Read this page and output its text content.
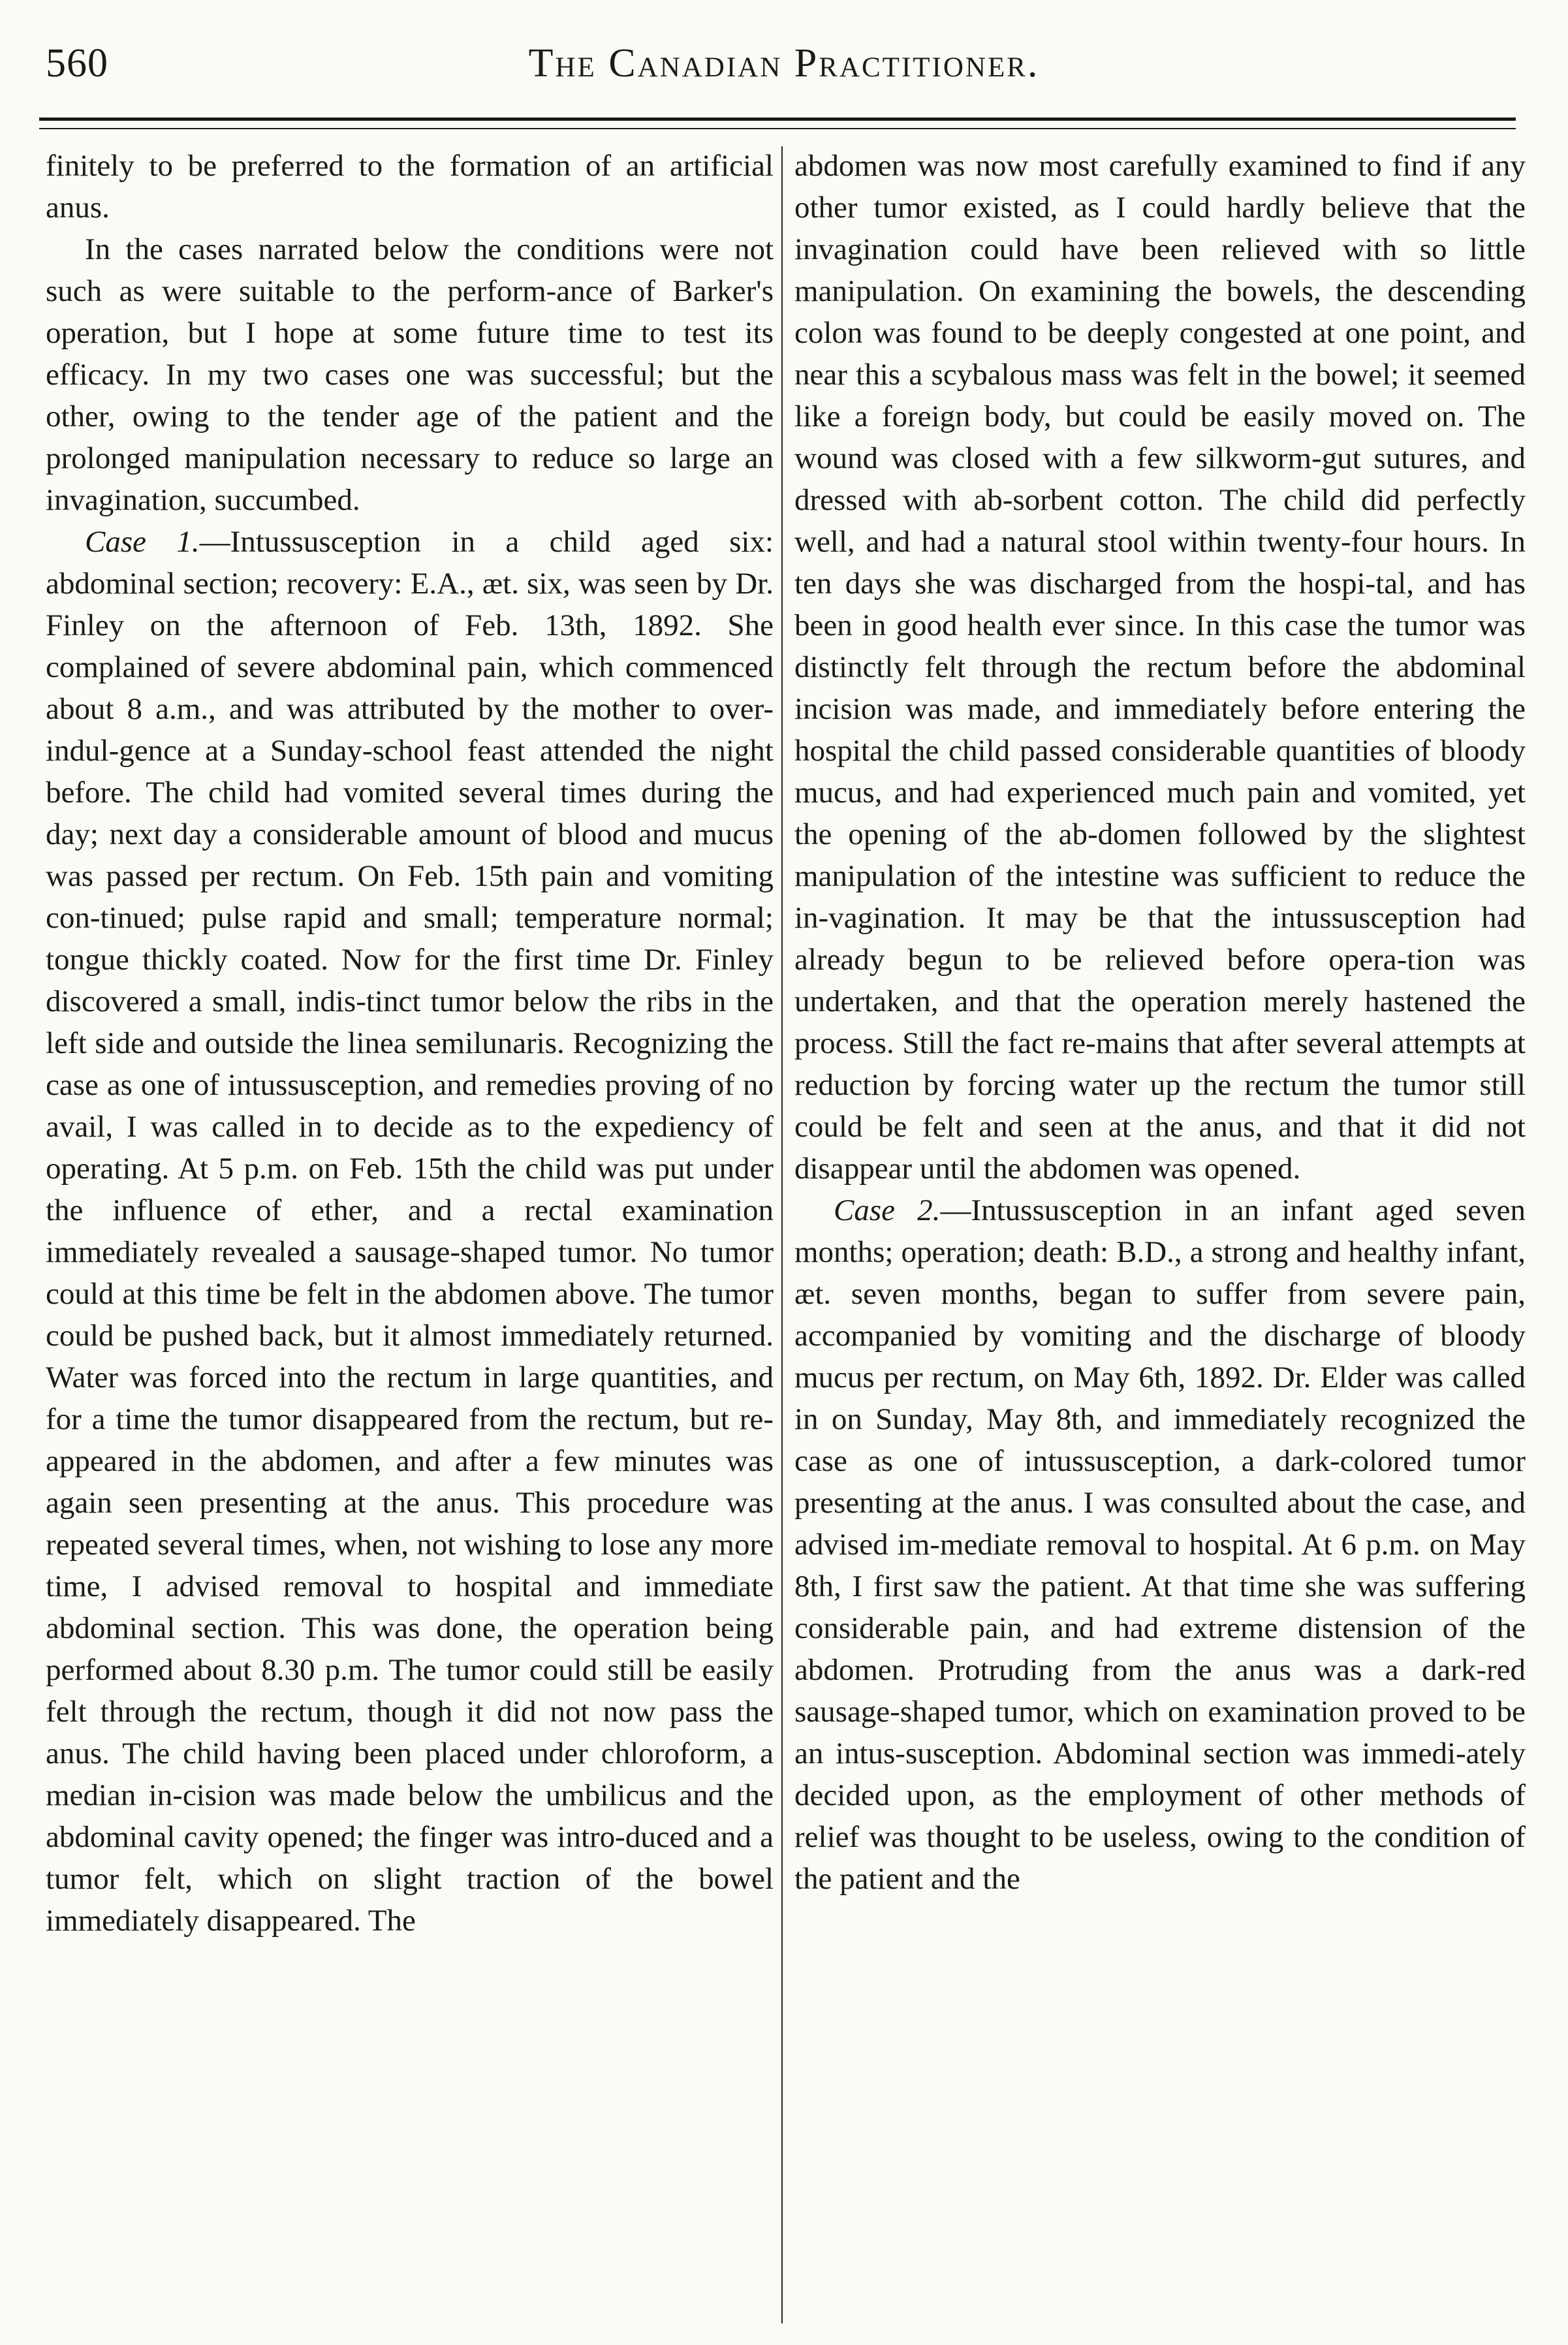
560	The Canadian Practitioner.

finitely to be preferred to the formation of an artificial anus.

In the cases narrated below the conditions were not such as were suitable to the perform-ance of Barker's operation, but I hope at some future time to test its efficacy. In my two cases one was successful; but the other, owing to the tender age of the patient and the prolonged manipulation necessary to reduce so large an invagination, succumbed.

Case 1.—Intussusception in a child aged six: abdominal section; recovery: E.A., æt. six, was seen by Dr. Finley on the afternoon of Feb. 13th, 1892. She complained of severe abdominal pain, which commenced about 8 a.m., and was attributed by the mother to over-indul-gence at a Sunday-school feast attended the night before. The child had vomited several times during the day; next day a considerable amount of blood and mucus was passed per rectum. On Feb. 15th pain and vomiting con-tinued; pulse rapid and small; temperature normal; tongue thickly coated. Now for the first time Dr. Finley discovered a small, indis-tinct tumor below the ribs in the left side and outside the linea semilunaris. Recognizing the case as one of intussusception, and remedies proving of no avail, I was called in to decide as to the expediency of operating. At 5 p.m. on Feb. 15th the child was put under the influence of ether, and a rectal examination immediately revealed a sausage-shaped tumor. No tumor could at this time be felt in the abdomen above. The tumor could be pushed back, but it almost immediately returned. Water was forced into the rectum in large quantities, and for a time the tumor disappeared from the rectum, but re-appeared in the abdomen, and after a few minutes was again seen presenting at the anus. This procedure was repeated several times, when, not wishing to lose any more time, I advised removal to hospital and immediate abdominal section. This was done, the operation being performed about 8.30 p.m. The tumor could still be easily felt through the rectum, though it did not now pass the anus. The child having been placed under chloroform, a median in-cision was made below the umbilicus and the abdominal cavity opened; the finger was intro-duced and a tumor felt, which on slight traction of the bowel immediately disappeared. The

abdomen was now most carefully examined to find if any other tumor existed, as I could hardly believe that the invagination could have been relieved with so little manipulation. On examining the bowels, the descending colon was found to be deeply congested at one point, and near this a scybalous mass was felt in the bowel; it seemed like a foreign body, but could be easily moved on. The wound was closed with a few silkworm-gut sutures, and dressed with ab-sorbent cotton. The child did perfectly well, and had a natural stool within twenty-four hours. In ten days she was discharged from the hospi-tal, and has been in good health ever since. In this case the tumor was distinctly felt through the rectum before the abdominal incision was made, and immediately before entering the hospital the child passed considerable quantities of bloody mucus, and had experienced much pain and vomited, yet the opening of the ab-domen followed by the slightest manipulation of the intestine was sufficient to reduce the in-vagination. It may be that the intussusception had already begun to be relieved before opera-tion was undertaken, and that the operation merely hastened the process. Still the fact re-mains that after several attempts at reduction by forcing water up the rectum the tumor still could be felt and seen at the anus, and that it did not disappear until the abdomen was opened.

Case 2.—Intussusception in an infant aged seven months; operation; death: B.D., a strong and healthy infant, æt. seven months, began to suffer from severe pain, accompanied by vomiting and the discharge of bloody mucus per rectum, on May 6th, 1892. Dr. Elder was called in on Sunday, May 8th, and immediately recognized the case as one of intussusception, a dark-colored tumor presenting at the anus. I was consulted about the case, and advised im-mediate removal to hospital. At 6 p.m. on May 8th, I first saw the patient. At that time she was suffering considerable pain, and had extreme distension of the abdomen. Protruding from the anus was a dark-red sausage-shaped tumor, which on examination proved to be an intus-susception. Abdominal section was immedi-ately decided upon, as the employment of other methods of relief was thought to be useless, owing to the condition of the patient and the
